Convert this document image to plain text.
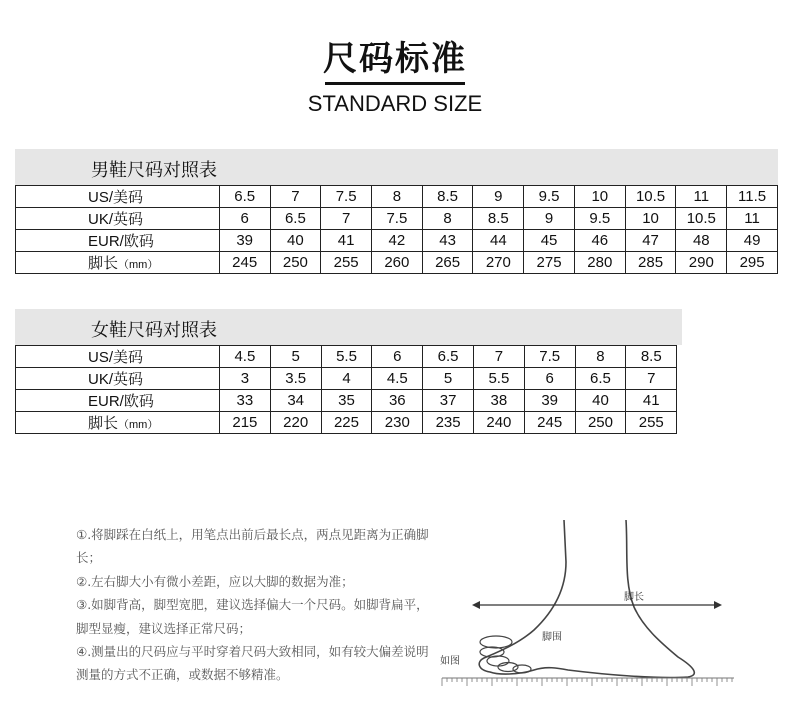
尺码标准
STANDARD SIZE
男鞋尺码对照表
US/美码	6.5	7	7.5	8	8.5	9	9.5	10	10.5	11	11.5
UK/英码	6	6.5	7	7.5	8	8.5	9	9.5	10	10.5	11
EUR/欧码	39	40	41	42	43	44	45	46	47	48	49
脚长（mm）	245	250	255	260	265	270	275	280	285	290	295
女鞋尺码对照表
US/美码	4.5	5	5.5	6	6.5	7	7.5	8	8.5
UK/英码	3	3.5	4	4.5	5	5.5	6	6.5	7
EUR/欧码	33	34	35	36	37	38	39	40	41
脚长（mm）	215	220	225	230	235	240	245	250	255

①.将脚踩在白纸上，用笔点出前后最长点，两点见距离为正确脚长；

②.左右脚大小有微小差距，应以大脚的数据为准；

③.如脚背高，脚型宽肥，建议选择偏大一个尺码。如脚背扁平，脚型显瘦，建议选择正常尺码；

④.测量出的尺码应与平时穿着尺码大致相同，如有较大偏差说明测量的方式不正确，或数据不够精准。

脚长
脚围
如图
